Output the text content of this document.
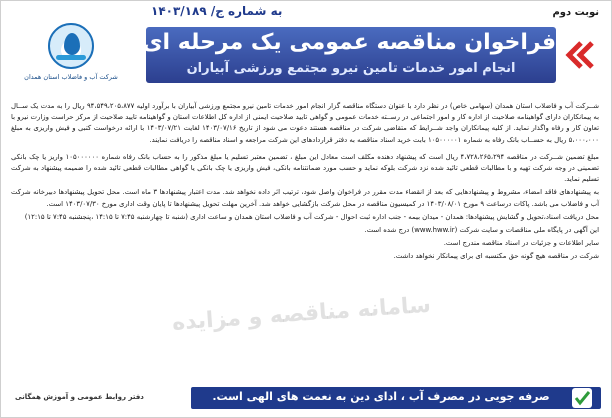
نوبت دوم
به شماره ج/ ۱۴۰۳/۱۸۹
شرکت آب و فاضلاب استان همدان
فراخوان مناقصه عمومی یک مرحله ای
انجام امور خدمات تامین نیرو مجتمع ورزشی آبیاران

شــرکت آب و فاضلاب استان همدان (سهامی خاص) در نظر دارد با عنوان دستگاه مناقصه گزار انجام امور خدمات تامین نیرو مجتمع ورزشی آبیاران با برآورد اولیه ۹۴،۵۴۹،۲۰۵،۸۷۷ ریال را به مدت یک ســال به پیمانکاران دارای گواهینامه صلاحیت از اداره کار و امور اجتماعی در رســته خدمات عمومی و گواهی تایید صلاحیت ایمنی از اداره کل اطلاعات استان و گواهینامه تایید صلاحیت از مرکز حراست وزارت نیرو با تعاون کار و رفاه واگذار نماید. از کلیه پیمانکاران واجد شــرایط که متقاضی شرکت در مناقصه هستند دعوت می شود از تاریخ ۱۴۰۳/۰۷/۱۶ لغایت ۱۴۰۳/۰۷/۲۱ با ارائه درخواست کتبی و فیش واریزی به مبلغ ۵،۰۰۰،۰۰۰ ریال به حســاب بانک رفاه به شماره ۱۰۵۰۰۰۰۰۱ بابت خرید اسناد مناقصه به دفتر قراردادهای این شرکت مراجعه و اسناد مناقصه را دریافت نمایند.

مبلغ تضمین شــرکت در مناقصه ۴،۷۲۸،۲۶۵،۲۹۴ ریال است که پیشنهاد دهنده مکلف است معادل این مبلغ ، تضمین معتبر تسلیم یا مبلغ مذکور را به حساب بانک رفاه شماره ۱۰۵۰۰۰۰۰۰ واریز یا چک بانکی تضمینی در وجه شرکت تهیه و با مطالبات قطعی تائید شده نزد شرکت بلوکه نماید و حسب مورد ضمانتنامه بانکی، فیش واریزی یا چک بانکی یا گواهی مطالبات قطعی تائید شده را ضمیمه پیشنهاد به شرکت تسلیم نماید.

به پیشنهادهای فاقد امضاء، مشروط و پیشنهادهایی که بعد از انقضاء مدت مقرر در فراخوان واصل شود، ترتیب اثر داده نخواهد شد. مدت اعتبار پیشنهادها ۳ ماه است. محل تحویل پیشنهادها دبیرخانه شرکت آب و فاضلاب می باشد. پاکات درساعت ۹ مورخ ۱۴۰۳/۰۸/۰۱ در کمیسیون مناقصه در محل شرکت بازگشایی خواهد شد. آخرین مهلت تحویل پیشنهادها تا پایان وقت اداری مورخ ۱۴۰۳/۰۷/۳۰ است.

محل دریافت اسناد،تحویل و گشایش پیشنهادها: همدان - میدان بیمه - جنب اداره ثبت احوال - شرکت آب و فاضلاب استان همدان و ساعت اداری (شنبه تا چهارشنبه ۷:۴۵ تا ۱۴:۱۵ ،پنجشنبه ۷:۴۵ تا ۱۲:۱۵)

این آگهی در پایگاه ملی مناقصات و سایت شرکت (www.hww.ir) درج شده است.

سایر اطلاعات و جزئیات در اسناد مناقصه مندرج است.

شرکت در مناقصه هیچ گونه حق مکتسبه ای برای پیمانکار نخواهد داشت.

سامانه مناقصه و مزایده
صرفه جویی در مصرف آب ، ادای دین به نعمت های الهی است.
دفتر روابط عمومی و آموزش همگانی
